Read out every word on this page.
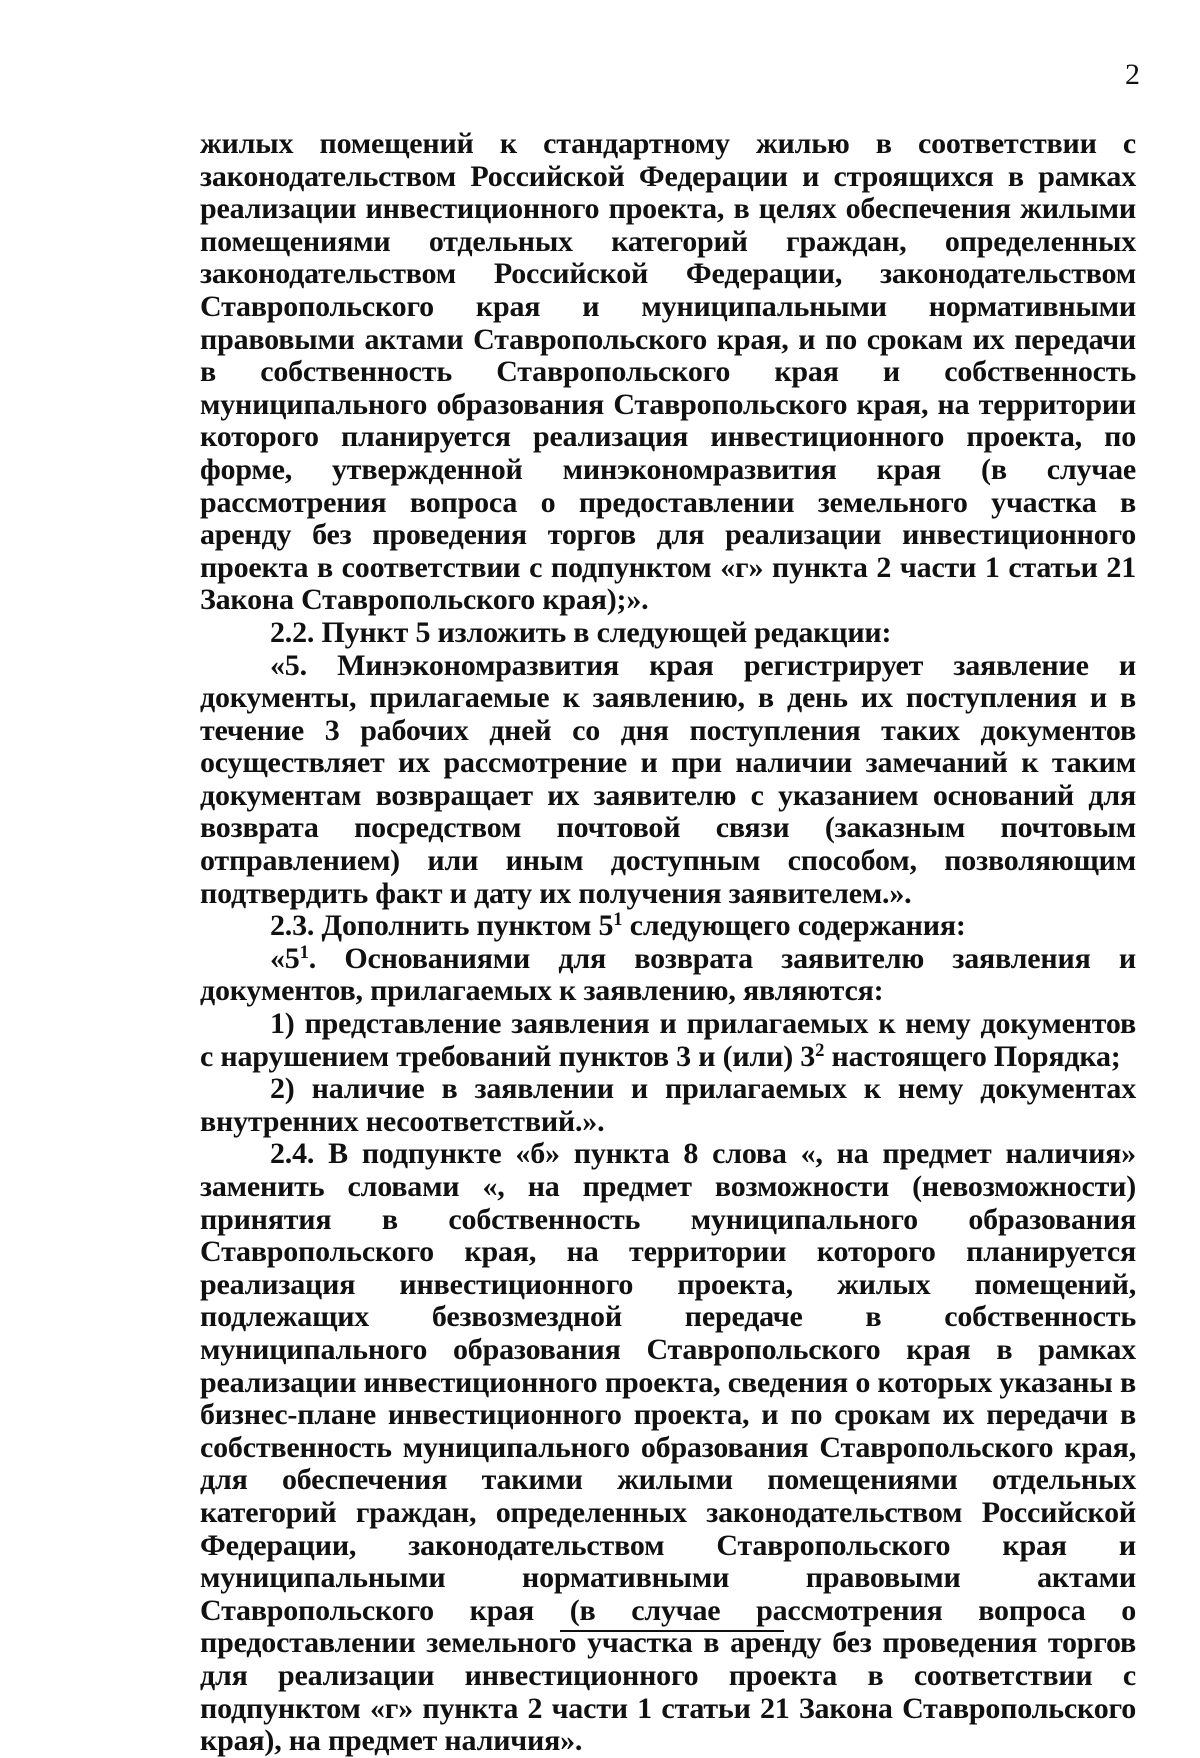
2

жилых помещений к стандартному жилью в соответствии с законодательством Российской Федерации и строящихся в рамках реализации инвестиционного проекта, в целях обеспечения жилыми помещениями отдельных категорий граждан, определенных законодательством Российской Федерации, законодательством Ставропольского края и муниципальными нормативными правовыми актами Ставропольского края, и по срокам их передачи в собственность Ставропольского края и собственность муниципального образования Ставропольского края, на территории которого планируется реализация инвестиционного проекта, по форме, утвержденной минэкономразвития края (в случае рассмотрения вопроса о предоставлении земельного участка в аренду без проведения торгов для реализации инвестиционного проекта в соответствии с подпунктом «г» пункта 2 части 1 статьи 21 Закона Ставропольского края);».

2.2. Пункт 5 изложить в следующей редакции:

«5. Минэкономразвития края регистрирует заявление и документы, прилагаемые к заявлению, в день их поступления и в течение 3 рабочих дней со дня поступления таких документов осуществляет их рассмотрение и при наличии замечаний к таким документам возвращает их заявителю с указанием оснований для возврата посредством почтовой связи (заказным почтовым отправлением) или иным доступным способом, позволяющим подтвердить факт и дату их получения заявителем.».

2.3. Дополнить пунктом $5^1$ следующего содержания:

«$5^1$. Основаниями для возврата заявителю заявления и документов, прилагаемых к заявлению, являются:

1) представление заявления и прилагаемых к нему документов с нарушением требований пунктов 3 и (или) $3^2$ настоящего Порядка;

2) наличие в заявлении и прилагаемых к нему документах внутренних несоответствий.».

2.4. В подпункте «б» пункта 8 слова «, на предмет наличия» заменить словами «, на предмет возможности (невозможности) принятия в собственность муниципального образования Ставропольского края, на территории которого планируется реализация инвестиционного проекта, жилых помещений, подлежащих безвозмездной передаче в собственность муниципального образования Ставропольского края в рамках реализации инвестиционного проекта, сведения о которых указаны в бизнес-плане инвестиционного проекта, и по срокам их передачи в собственность муниципального образования Ставропольского края, для обеспечения такими жилыми помещениями отдельных категорий граждан, определенных законодательством Российской Федерации, законодательством Ставропольского края и муниципальными нормативными правовыми актами Ставропольского края (в случае рассмотрения вопроса о предоставлении земельного участка в аренду без проведения торгов для реализации инвестиционного проекта в соответствии с подпунктом «г» пункта 2 части 1 статьи 21 Закона Ставропольского края), на предмет наличия».
